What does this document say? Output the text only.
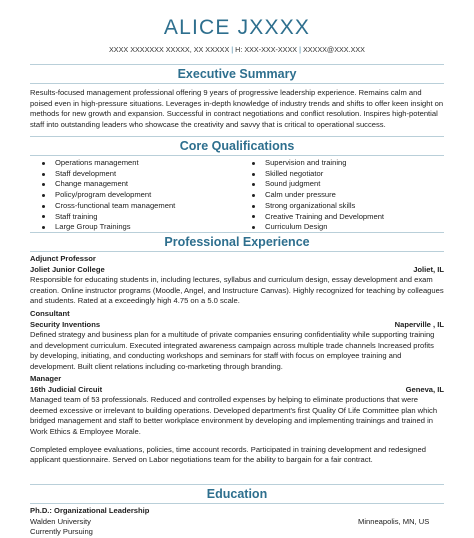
ALICE JXXXX
XXXX XXXXXXX XXXXX, XX XXXXX | H: XXX-XXX-XXXX | XXXXX@XXX.XXX
Executive Summary
Results-focused management professional offering 9 years of progressive leadership experience. Remains calm and poised even in high-pressure situations. Leverages in-depth knowledge of industry trends and shifts to offer keen insight on methods for new growth and expansion. Successful in contract negotiations and conflict resolution. Inspires high-potential staff into outstanding leaders who showcase the creativity and savvy that is critical to operational success.
Core Qualifications
Operations management
Staff development
Change management
Policy/program development
Cross-functional team management
Staff training
Large Group Trainings
Supervision and training
Skilled negotiator
Sound judgment
Calm under pressure
Strong organizational skills
Creative Training and Development
Curriculum Design
Professional Experience
Adjunct Professor
Joliet Junior College	Joliet, IL
Responsible for educating students in, including lectures, syllabus and curriculum design, essay development and exam creation. Online instructor programs (Moodle, Angel, and Instructure Canvas). Highly recognized for teaching by colleagues and students. Rated at a exceedingly high 4.75 on a 5.0 scale.
Consultant
Security Inventions	Naperville , IL
Defined strategy and business plan for a multitude of private companies ensuring confidentiality while supporting training and development curriculum. Executed integrated awareness campaign across multiple trade channels Increased profits by developing, initiating, and conducting workshops and seminars for staff with focus on employee training and development. Built client relations including co-marketing through branding.
Manager
16th Judicial Circuit	Geneva, IL
Managed team of 53 professionals. Reduced and controlled expenses by helping to eliminate productions that were deemed excessive or irrelevant to building operations. Developed department's first Quality Of Life Committee plan which bridged management and staff to better workplace environment by developing and implementing trainings and trained in Work Ethics & Employee Morale.
Completed employee evaluations, policies, time account records. Participated in training development and redesigned applicant questionnaire. Served on Labor negotiations team for the ability to bargain for a fair contract.
Education
Ph.D.: Organizational Leadership
Walden University	Minneapolis, MN, US
Currently Pursuing
